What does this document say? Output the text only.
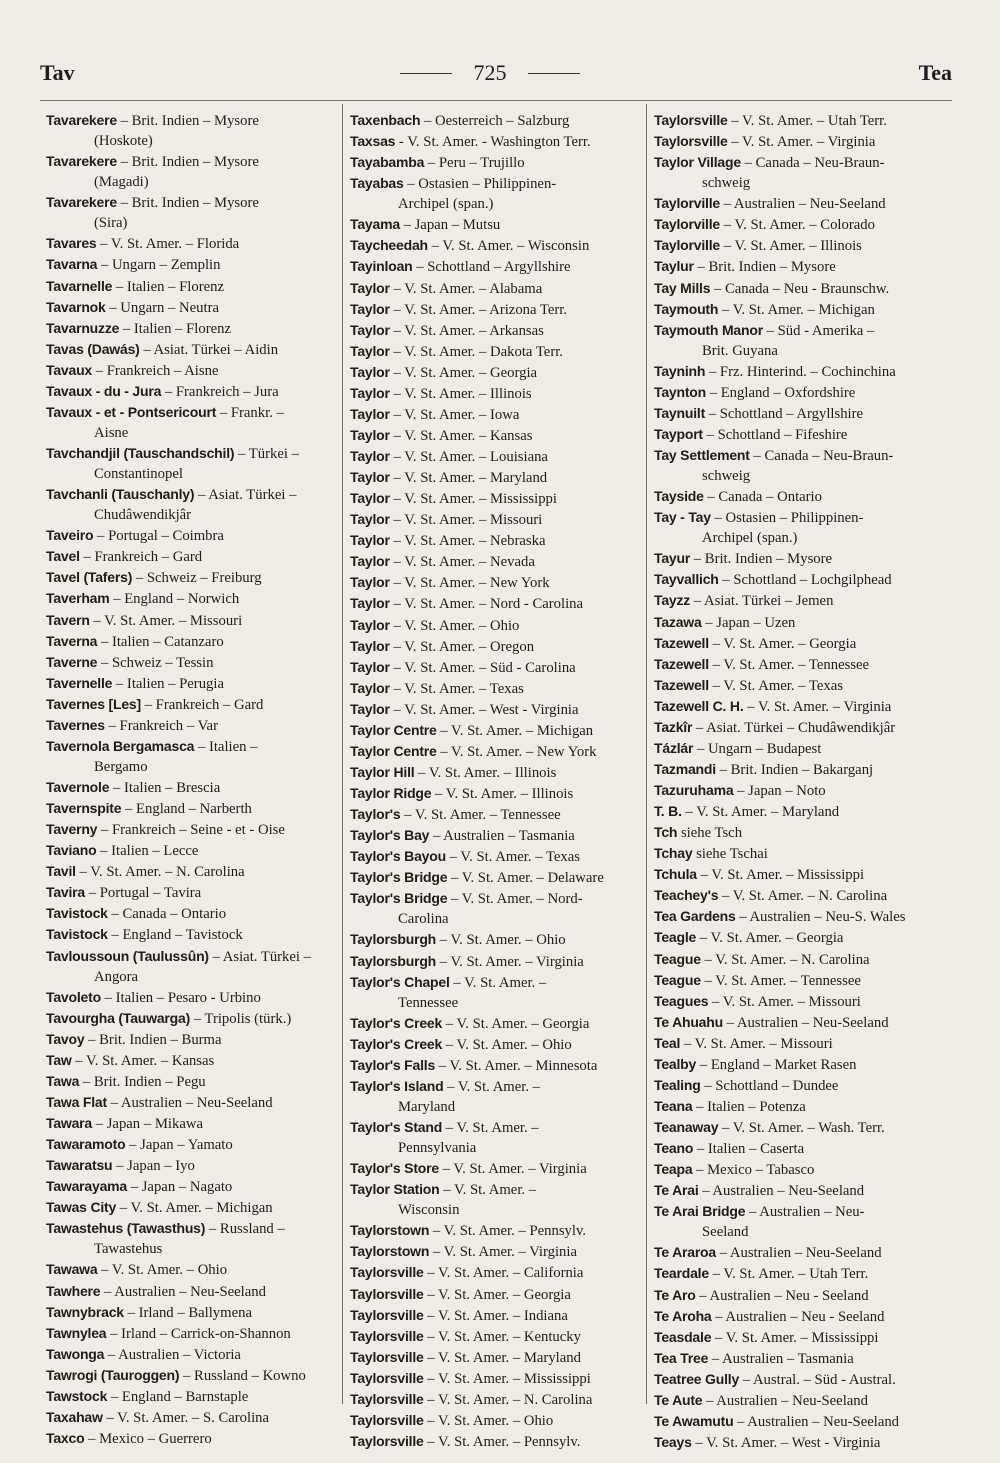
Tav	725	Tea
Tavarekere – Brit. Indien – Mysore
(Hoskote)
Tavarekere – Brit. Indien – Mysore
(Magadi)
Tavarekere – Brit. Indien – Mysore
(Sira)
Tavares – V. St. Amer. – Florida
Tavarna – Ungarn – Zemplin
Tavarnelle – Italien – Florenz
Tavarnok – Ungarn – Neutra
Tavarnuzze – Italien – Florenz
Tavas (Dawás) – Asiat. Türkei – Aidin
Tavaux – Frankreich – Aisne
Tavaux - du - Jura – Frankreich – Jura
Tavaux - et - Pontsericourt – Frankr. –
Aisne
Tavchandjil (Tauschandschil) – Türkei –
Constantinopel
Tavchanli (Tauschanly) – Asiat. Türkei –
Chudâwendikjâr
Taveiro – Portugal – Coimbra
Tavel – Frankreich – Gard
Tavel (Tafers) – Schweiz – Freiburg
Taverham – England – Norwich
Tavern – V. St. Amer. – Missouri
Taverna – Italien – Catanzaro
Taverne – Schweiz – Tessin
Tavernelle – Italien – Perugia
Tavernes [Les] – Frankreich – Gard
Tavernes – Frankreich – Var
Tavernola Bergamasca – Italien –
Bergamo
Tavernole – Italien – Brescia
Tavernspite – England – Narberth
Taverny – Frankreich – Seine - et - Oise
Taviano – Italien – Lecce
Tavil – V. St. Amer. – N. Carolina
Tavira – Portugal – Tavira
Tavistock – Canada – Ontario
Tavistock – England – Tavistock
Tavloussoun (Taulussûn) – Asiat. Türkei –
Angora
Tavoleto – Italien – Pesaro - Urbino
Tavourgha (Tauwarga) – Tripolis (türk.)
Tavoy – Brit. Indien – Burma
Taw – V. St. Amer. – Kansas
Tawa – Brit. Indien – Pegu
Tawa Flat – Australien – Neu-Seeland
Tawara – Japan – Mikawa
Tawaramoto – Japan – Yamato
Tawaratsu – Japan – Iyo
Tawarayama – Japan – Nagato
Tawas City – V. St. Amer. – Michigan
Tawastehus (Tawasthus) – Russland –
Tawastehus
Tawawa – V. St. Amer. – Ohio
Tawhere – Australien – Neu-Seeland
Tawnybrack – Irland – Ballymena
Tawnylea – Irland – Carrick-on-Shannon
Tawonga – Australien – Victoria
Tawrogi (Tauroggen) – Russland – Kowno
Tawstock – England – Barnstaple
Taxahaw – V. St. Amer. – S. Carolina
Taxco – Mexico – Guerrero
Taxenbach – Oesterreich – Salzburg
Taxsas - V. St. Amer. - Washington Terr.
Tayabamba – Peru – Trujillo
Tayabas – Ostasien – Philippinen-
Archipel (span.)
Tayama – Japan – Mutsu
Taycheedah – V. St. Amer. – Wisconsin
Tayinloan – Schottland – Argyllshire
Taylor – V. St. Amer. – Alabama
Taylor – V. St. Amer. – Arizona Terr.
Taylor – V. St. Amer. – Arkansas
Taylor – V. St. Amer. – Dakota Terr.
Taylor – V. St. Amer. – Georgia
Taylor – V. St. Amer. – Illinois
Taylor – V. St. Amer. – Iowa
Taylor – V. St. Amer. – Kansas
Taylor – V. St. Amer. – Louisiana
Taylor – V. St. Amer. – Maryland
Taylor – V. St. Amer. – Mississippi
Taylor – V. St. Amer. – Missouri
Taylor – V. St. Amer. – Nebraska
Taylor – V. St. Amer. – Nevada
Taylor – V. St. Amer. – New York
Taylor – V. St. Amer. – Nord - Carolina
Taylor – V. St. Amer. – Ohio
Taylor – V. St. Amer. – Oregon
Taylor – V. St. Amer. – Süd - Carolina
Taylor – V. St. Amer. – Texas
Taylor – V. St. Amer. – West - Virginia
Taylor Centre – V. St. Amer. – Michigan
Taylor Centre – V. St. Amer. – New York
Taylor Hill – V. St. Amer. – Illinois
Taylor Ridge – V. St. Amer. – Illinois
Taylor's – V. St. Amer. – Tennessee
Taylor's Bay – Australien – Tasmania
Taylor's Bayou – V. St. Amer. – Texas
Taylor's Bridge – V. St. Amer. – Delaware
Taylor's Bridge – V. St. Amer. – Nord-
Carolina
Taylorsburgh – V. St. Amer. – Ohio
Taylorsburgh – V. St. Amer. – Virginia
Taylor's Chapel – V. St. Amer. –
Tennessee
Taylor's Creek – V. St. Amer. – Georgia
Taylor's Creek – V. St. Amer. – Ohio
Taylor's Falls – V. St. Amer. – Minnesota
Taylor's Island – V. St. Amer. –
Maryland
Taylor's Stand – V. St. Amer. –
Pennsylvania
Taylor's Store – V. St. Amer. – Virginia
Taylor Station – V. St. Amer. –
Wisconsin
Taylorstown – V. St. Amer. – Pennsylv.
Taylorstown – V. St. Amer. – Virginia
Taylorsville – V. St. Amer. – California
Taylorsville – V. St. Amer. – Georgia
Taylorsville – V. St. Amer. – Indiana
Taylorsville – V. St. Amer. – Kentucky
Taylorsville – V. St. Amer. – Maryland
Taylorsville – V. St. Amer. – Mississippi
Taylorsville – V. St. Amer. – N. Carolina
Taylorsville – V. St. Amer. – Ohio
Taylorsville – V. St. Amer. – Pennsylv.
Taylorsville – V. St. Amer. – Utah Terr.
Taylorsville – V. St. Amer. – Virginia
Taylor Village – Canada – Neu-Braun-
schweig
Taylorville – Australien – Neu-Seeland
Taylorville – V. St. Amer. – Colorado
Taylorville – V. St. Amer. – Illinois
Taylur – Brit. Indien – Mysore
Tay Mills – Canada – Neu - Braunschw.
Taymouth – V. St. Amer. – Michigan
Taymouth Manor – Süd - Amerika –
Brit. Guyana
Tayninh – Frz. Hinterind. – Cochinchina
Taynton – England – Oxfordshire
Taynuilt – Schottland – Argyllshire
Tayport – Schottland – Fifeshire
Tay Settlement – Canada – Neu-Braun-
schweig
Tayside – Canada – Ontario
Tay - Tay – Ostasien – Philippinen-
Archipel (span.)
Tayur – Brit. Indien – Mysore
Tayvallich – Schottland – Lochgilphead
Tayzz – Asiat. Türkei – Jemen
Tazawa – Japan – Uzen
Tazewell – V. St. Amer. – Georgia
Tazewell – V. St. Amer. – Tennessee
Tazewell – V. St. Amer. – Texas
Tazewell C. H. – V. St. Amer. – Virginia
Tazkîr – Asiat. Türkei – Chudâwendikjâr
Tázlár – Ungarn – Budapest
Tazmandi – Brit. Indien – Bakarganj
Tazuruhama – Japan – Noto
T. B. – V. St. Amer. – Maryland
Tch siehe Tsch
Tchay siehe Tschai
Tchula – V. St. Amer. – Mississippi
Teachey's – V. St. Amer. – N. Carolina
Tea Gardens – Australien – Neu-S. Wales
Teagle – V. St. Amer. – Georgia
Teague – V. St. Amer. – N. Carolina
Teague – V. St. Amer. – Tennessee
Teagues – V. St. Amer. – Missouri
Te Ahuahu – Australien – Neu-Seeland
Teal – V. St. Amer. – Missouri
Tealby – England – Market Rasen
Tealing – Schottland – Dundee
Teana – Italien – Potenza
Teanaway – V. St. Amer. – Wash. Terr.
Teano – Italien – Caserta
Teapa – Mexico – Tabasco
Te Arai – Australien – Neu-Seeland
Te Arai Bridge – Australien – Neu-
Seeland
Te Araroa – Australien – Neu-Seeland
Teardale – V. St. Amer. – Utah Terr.
Te Aro – Australien – Neu - Seeland
Te Aroha – Australien – Neu - Seeland
Teasdale – V. St. Amer. – Mississippi
Tea Tree – Australien – Tasmania
Teatree Gully – Austral. – Süd - Austral.
Te Aute – Australien – Neu-Seeland
Te Awamutu – Australien – Neu-Seeland
Teays – V. St. Amer. – West - Virginia
